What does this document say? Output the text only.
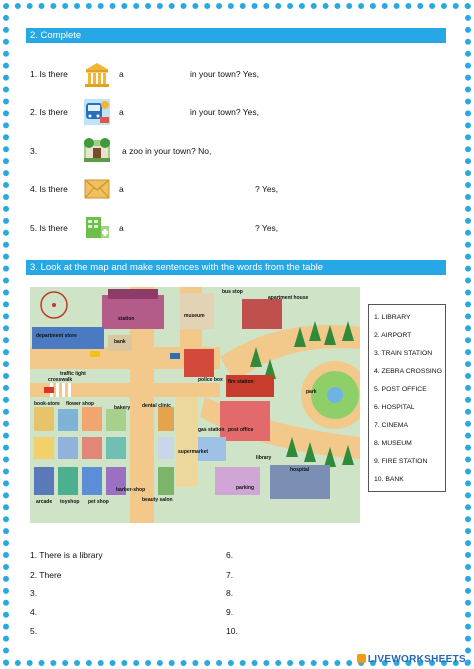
2. Complete
1. Is there	a	in your town? Yes,
2. Is there	a	in your town? Yes,
3.	a zoo in your town? No,
4. Is there	a	? Yes,
5. Is there	a	? Yes,
3. Look at the map and make sentences with the words from the table
station	museum
bus stop
apartment house
department store
bank
traffic light
crosswalk	police box fire station
park
book-store flower shop
bakery dental clinic
gas station post office
supermarket
library
parking
hospital
arcade toyshop pet shop
barber-shop
beauty salon
1. LIBRARY
2. AIRPORT
3. TRAIN STATION
4. ZEBRA CROSSING
5. POST OFFICE
6. HOSPITAL
7. CINEMA
8. MUSEUM
9. FIRE STATION
10. BANK
1. There is a library
2. There
3.
4.
5.
6.
7.
8.
9.
10.
LIVEWORKSHEETS
